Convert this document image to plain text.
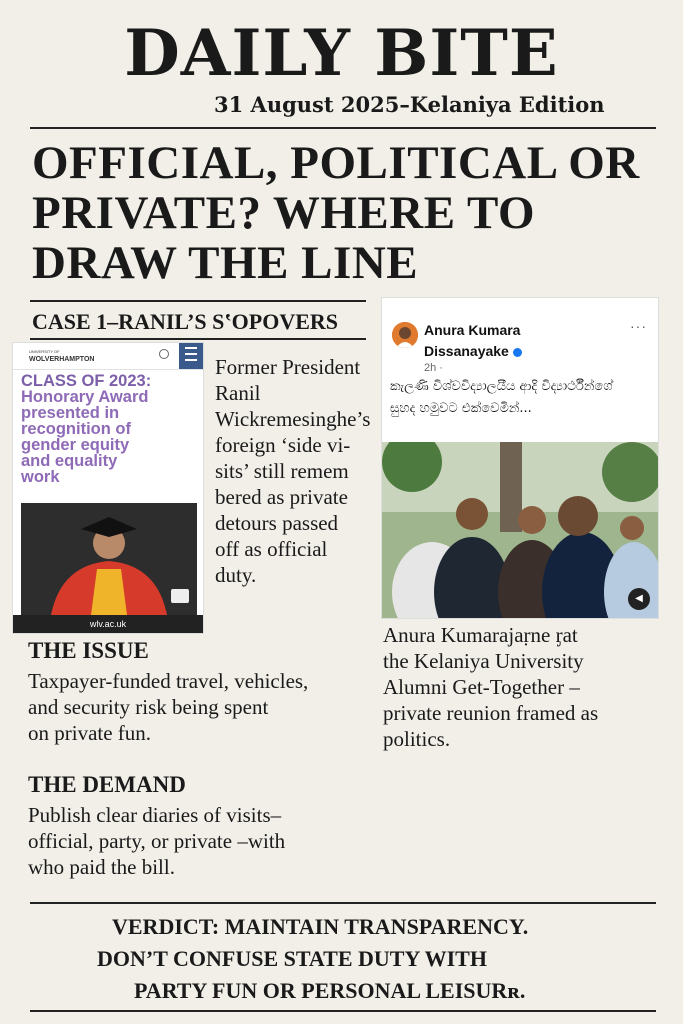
DAILY BITE
31 August 2025–Kelaniya Edition
OFFICIAL, POLITICAL OR
PRIVATE? WHERE TO
DRAW THE LINE
CASE 1–RANIL’S SʽOPOVERS
UNIVERSITY OF
WOLVERHAMPTON
CLASS OF 2023:
Honorary Award
presented in
recognition of
gender equity
and equality
work
wlv.ac.uk
Former President
Ranil
Wickremesinghe’s
foreign ‘side vi-
sits’ still remem
bered as private
detours passed
off as official
duty.
THE ISSUE
Taxpayer-funded travel, vehicles,
and security risk being spent
on private fun.
THE DEMAND
Publish clear diaries of visits–
official, party, or private –with
who paid the bill.
Anura Kumara
Dissanayake
2h ·
···
කැලණි විශ්වවිද්‍යාලයීය ආදි විද්‍යාර්ථීන්ගේ
සුහද හමුවට එක්වෙමින්...
◀
Anura Kumarajaṛne ᶉat
the Kelaniya University
Alumni Get-Together –
private reunion framed as
politics.
VERDICT: MAINTAIN TRANSPARENCY.
DON’T CONFUSE STATE DUTY WITH
PARTY FUN OR PERSONAL LEISURʀ.
